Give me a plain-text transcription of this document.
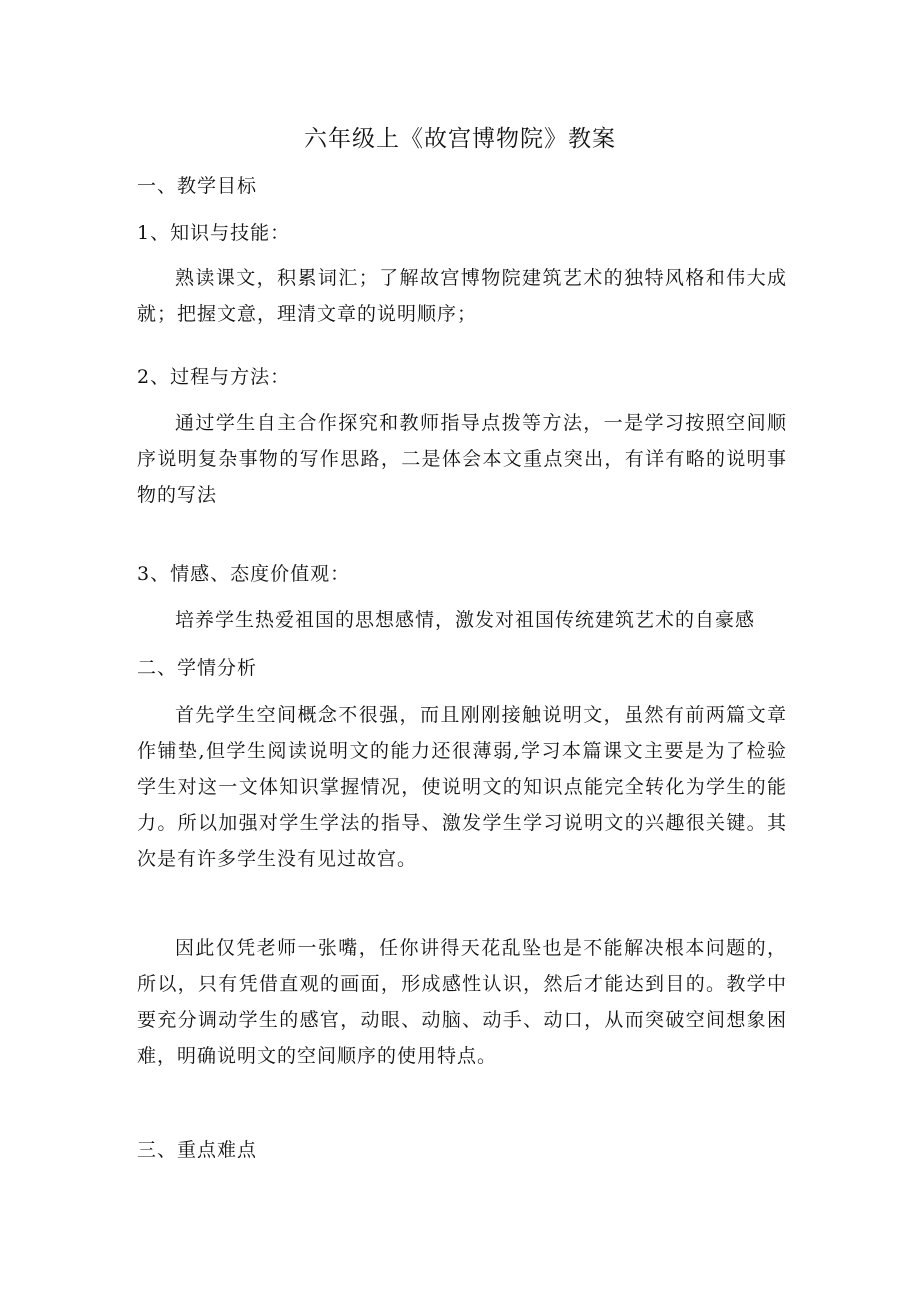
六年级上《故宫博物院》教案
一、教学目标
1、知识与技能：
熟读课文，积累词汇；了解故宫博物院建筑艺术的独特风格和伟大成就；把握文意，理清文章的说明顺序；
2、过程与方法：
通过学生自主合作探究和教师指导点拨等方法，一是学习按照空间顺序说明复杂事物的写作思路，二是体会本文重点突出，有详有略的说明事物的写法
3、情感、态度价值观：
培养学生热爱祖国的思想感情，激发对祖国传统建筑艺术的自豪感
二、学情分析
首先学生空间概念不很强，而且刚刚接触说明文，虽然有前两篇文章作铺垫,但学生阅读说明文的能力还很薄弱,学习本篇课文主要是为了检验学生对这一文体知识掌握情况，使说明文的知识点能完全转化为学生的能力。所以加强对学生学法的指导、激发学生学习说明文的兴趣很关键。其次是有许多学生没有见过故宫。
因此仅凭老师一张嘴，任你讲得天花乱坠也是不能解决根本问题的，所以，只有凭借直观的画面，形成感性认识，然后才能达到目的。教学中要充分调动学生的感官，动眼、动脑、动手、动口，从而突破空间想象困难，明确说明文的空间顺序的使用特点。
三、重点难点
